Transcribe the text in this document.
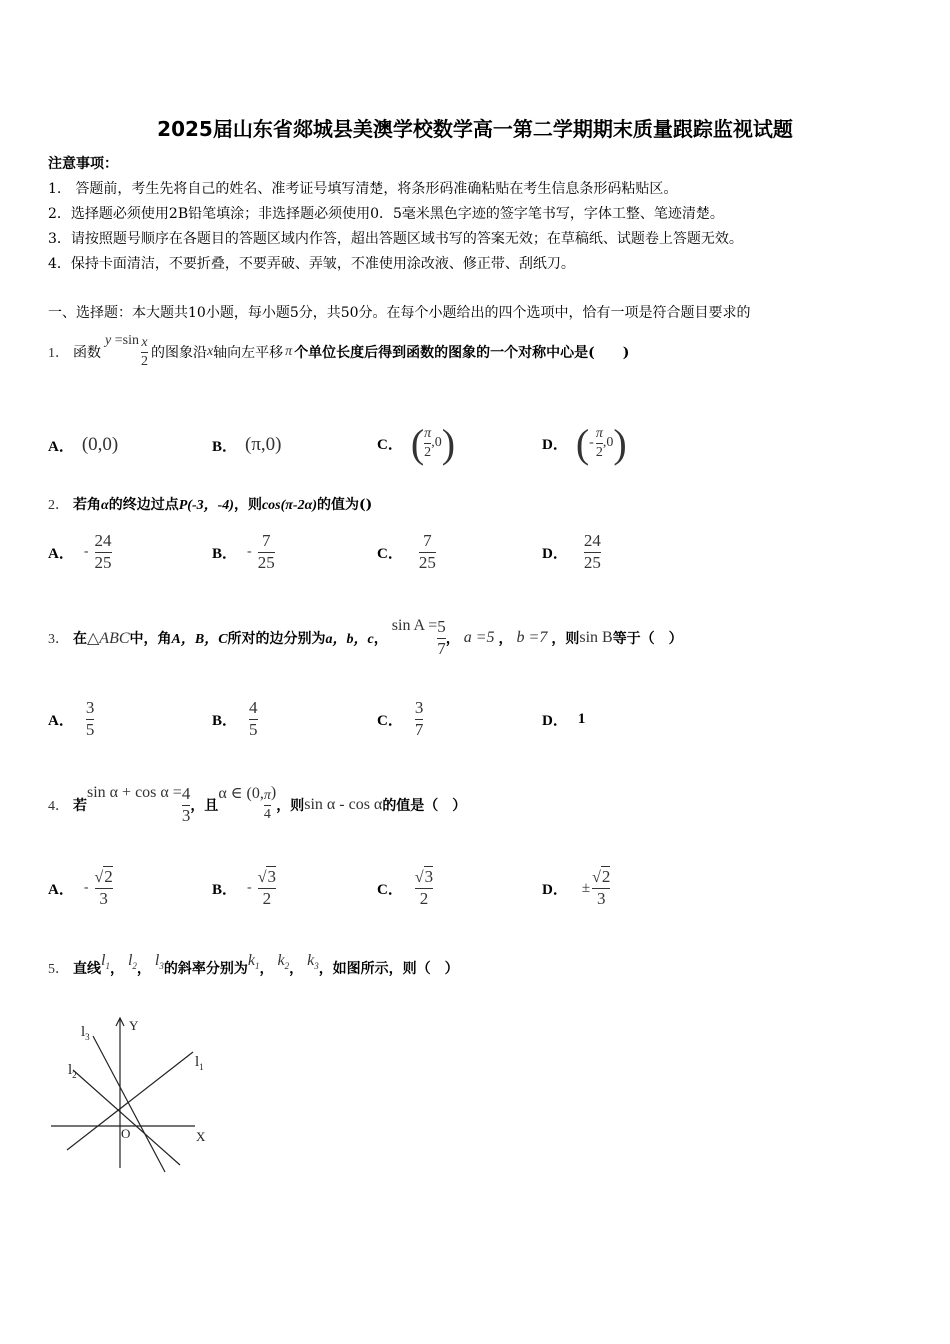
2025届山东省郯城县美澳学校数学高一第二学期期末质量跟踪监视试题
注意事项：
1.　答题前，考生先将自己的姓名、准考证号填写清楚，将条形码准确粘贴在考生信息条形码粘贴区。
2．选择题必须使用2B铅笔填涂；非选择题必须使用0．5毫米黑色字迹的签字笔书写，字体工整、笔迹清楚。
3．请按照题号顺序在各题目的答题区域内作答，超出答题区域书写的答案无效；在草稿纸、试题卷上答题无效。
4．保持卡面清洁，不要折叠，不要弄破、弄皱，不准使用涂改液、修正带、刮纸刀。
一、选择题：本大题共10小题，每小题5分，共50分。在每个小题给出的四个选项中，恰有一项是符合题目要求的
1． 函数
$y =\sin \frac{x}{2}$ 的图象沿 x 轴向左平移 π 个单位长度后得到函数的图象的一个对称中心是(　　)
A． (0,0)	B． (π,0)	C． ( $\frac{\pi}{2} ,0$ )	D． ( - $\frac{\pi}{2} ,0$ )
2． 若角α的终边过点P(-3，-4)，则cos(π-2α)的值为()
A． - $\frac{24}{25}$	B． - $\frac{7}{25}$	C． $\frac{7}{25}$	D． $\frac{24}{25}$
3． 在 △ABC 中，角 A，B，C 所对的边分别为 a，b，c ，
$\sin A = \frac{5}{7}$ ， a =5 ， b =7 ，则 sin B 等于（　）
A． $\frac{3}{5}$	B． $\frac{4}{5}$	C． $\frac{3}{7}$	D． 1
4． 若
$\sin \alpha + \cos \alpha = \frac{4}{3}$ ，且
α ∈ (0, $\frac{\pi}{4}$ )
，则 sin α - cos α 的值是（　）
A． - $\frac{√2}{3}$	B． - $\frac{√3}{2}$	C． $\frac{√3}{2}$	D． ± $\frac{√2}{3}$
5． 直线 $l_1$ ， $l_2$ ， $l_3$ 的斜率分别为 $k_1$ ， $k_2$ ， $k_3$ ，如图所示，则（　）
Y
X
O
$l_3$
$l_2$
$l_1$
